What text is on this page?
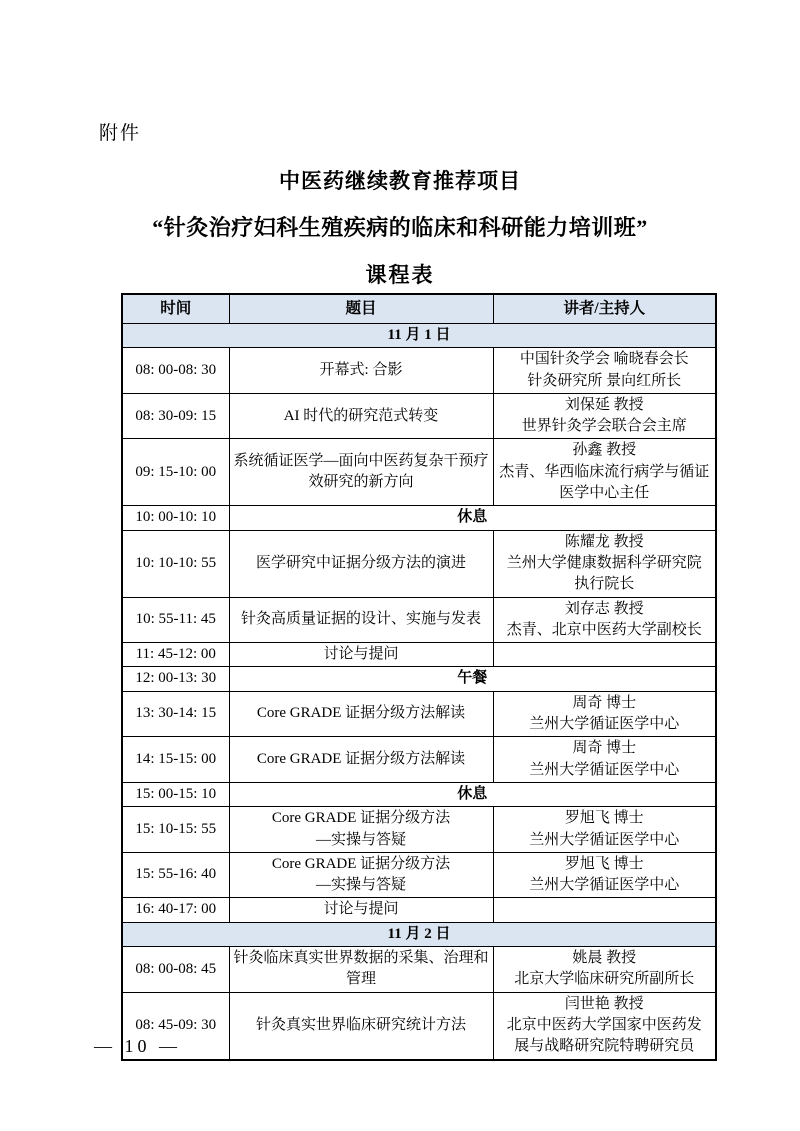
附件
中医药继续教育推荐项目
“针灸治疗妇科生殖疾病的临床和科研能力培训班”
课程表
时间	题目	讲者/主持人
11 月 1 日		
08: 00-08: 30	开幕式: 合影	中国针灸学会 喻晓春会长
针灸研究所 景向红所长

08: 30-09: 15	AI 时代的研究范式转变	刘保延 教授
世界针灸学会联合会主席

09: 15-10: 00	系统循证医学—面向中医药复杂干预疗效研究的新方向	孙鑫 教授
杰青、华西临床流行病学与循证医学中心主任

10: 00-10: 10	休息	
10: 10-10: 55	医学研究中证据分级方法的演进	陈耀龙 教授
兰州大学健康数据科学研究院
执行院长

10: 55-11: 45	针灸高质量证据的设计、实施与发表	刘存志 教授
杰青、北京中医药大学副校长

11: 45-12: 00	讨论与提问	

12: 00-13: 30	午餐	
13: 30-14: 15	Core GRADE 证据分级方法解读	周奇 博士
兰州大学循证医学中心

14: 15-15: 00	Core GRADE 证据分级方法解读	周奇 博士
兰州大学循证医学中心

15: 00-15: 10	休息	
15: 10-15: 55	Core GRADE 证据分级方法
—实操与答疑	罗旭飞 博士
兰州大学循证医学中心

15: 55-16: 40	Core GRADE 证据分级方法
—实操与答疑	罗旭飞 博士
兰州大学循证医学中心

16: 40-17: 00	讨论与提问	

11 月 2 日		
08: 00-08: 45	针灸临床真实世界数据的采集、治理和管理	姚晨 教授
北京大学临床研究所副所长

08: 45-09: 30	针灸真实世界临床研究统计方法	闫世艳 教授
北京中医药大学国家中医药发
展与战略研究院特聘研究员
— 10 —
